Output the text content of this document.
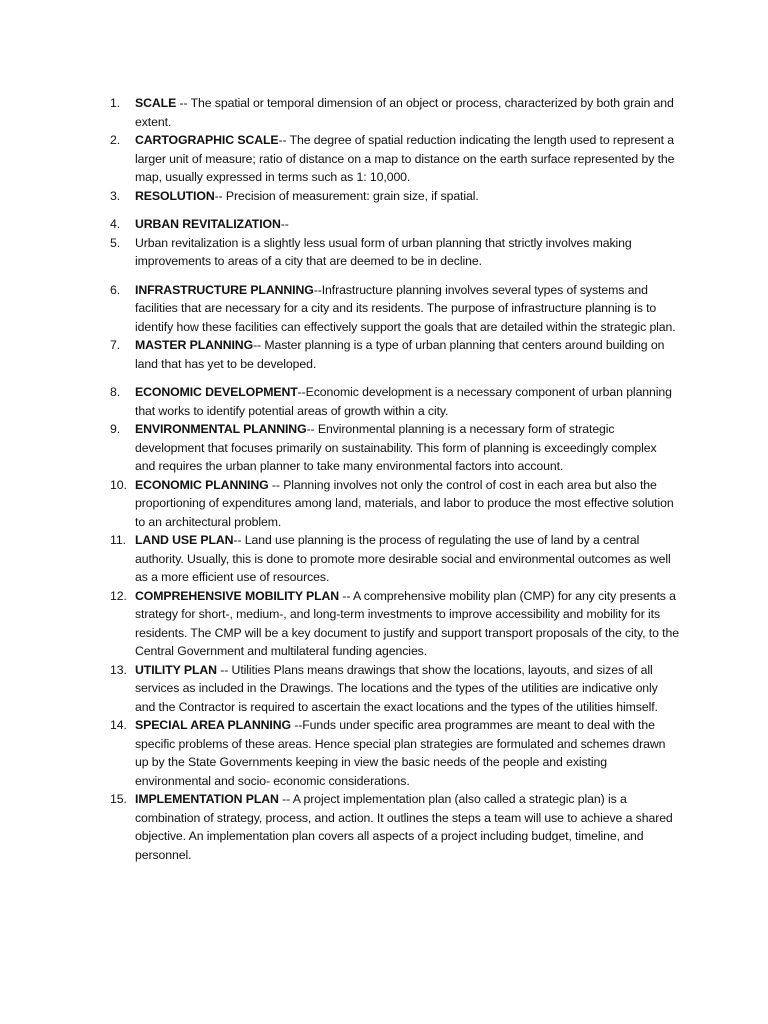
1. SCALE -- The spatial or temporal dimension of an object or process, characterized by both grain and extent.
2. CARTOGRAPHIC SCALE-- The degree of spatial reduction indicating the length used to represent a larger unit of measure; ratio of distance on a map to distance on the earth surface represented by the map, usually expressed in terms such as 1: 10,000.
3. RESOLUTION-- Precision of measurement: grain size, if spatial.
4. URBAN REVITALIZATION--
5. Urban revitalization is a slightly less usual form of urban planning that strictly involves making improvements to areas of a city that are deemed to be in decline.
6. INFRASTRUCTURE PLANNING--Infrastructure planning involves several types of systems and facilities that are necessary for a city and its residents. The purpose of infrastructure planning is to identify how these facilities can effectively support the goals that are detailed within the strategic plan.
7. MASTER PLANNING-- Master planning is a type of urban planning that centers around building on land that has yet to be developed.
8. ECONOMIC DEVELOPMENT--Economic development is a necessary component of urban planning that works to identify potential areas of growth within a city.
9. ENVIRONMENTAL PLANNING-- Environmental planning is a necessary form of strategic development that focuses primarily on sustainability. This form of planning is exceedingly complex and requires the urban planner to take many environmental factors into account.
10. ECONOMIC PLANNING -- Planning involves not only the control of cost in each area but also the proportioning of expenditures among land, materials, and labor to produce the most effective solution to an architectural problem.
11. LAND USE PLAN-- Land use planning is the process of regulating the use of land by a central authority. Usually, this is done to promote more desirable social and environmental outcomes as well as a more efficient use of resources.
12. COMPREHENSIVE MOBILITY PLAN -- A comprehensive mobility plan (CMP) for any city presents a strategy for short-, medium-, and long-term investments to improve accessibility and mobility for its residents. The CMP will be a key document to justify and support transport proposals of the city, to the Central Government and multilateral funding agencies.
13. UTILITY PLAN -- Utilities Plans means drawings that show the locations, layouts, and sizes of all services as included in the Drawings. The locations and the types of the utilities are indicative only and the Contractor is required to ascertain the exact locations and the types of the utilities himself.
14. SPECIAL AREA PLANNING --Funds under specific area programmes are meant to deal with the specific problems of these areas. Hence special plan strategies are formulated and schemes drawn up by the State Governments keeping in view the basic needs of the people and existing environmental and socio- economic considerations.
15. IMPLEMENTATION PLAN -- A project implementation plan (also called a strategic plan) is a combination of strategy, process, and action. It outlines the steps a team will use to achieve a shared objective. An implementation plan covers all aspects of a project including budget, timeline, and personnel.
